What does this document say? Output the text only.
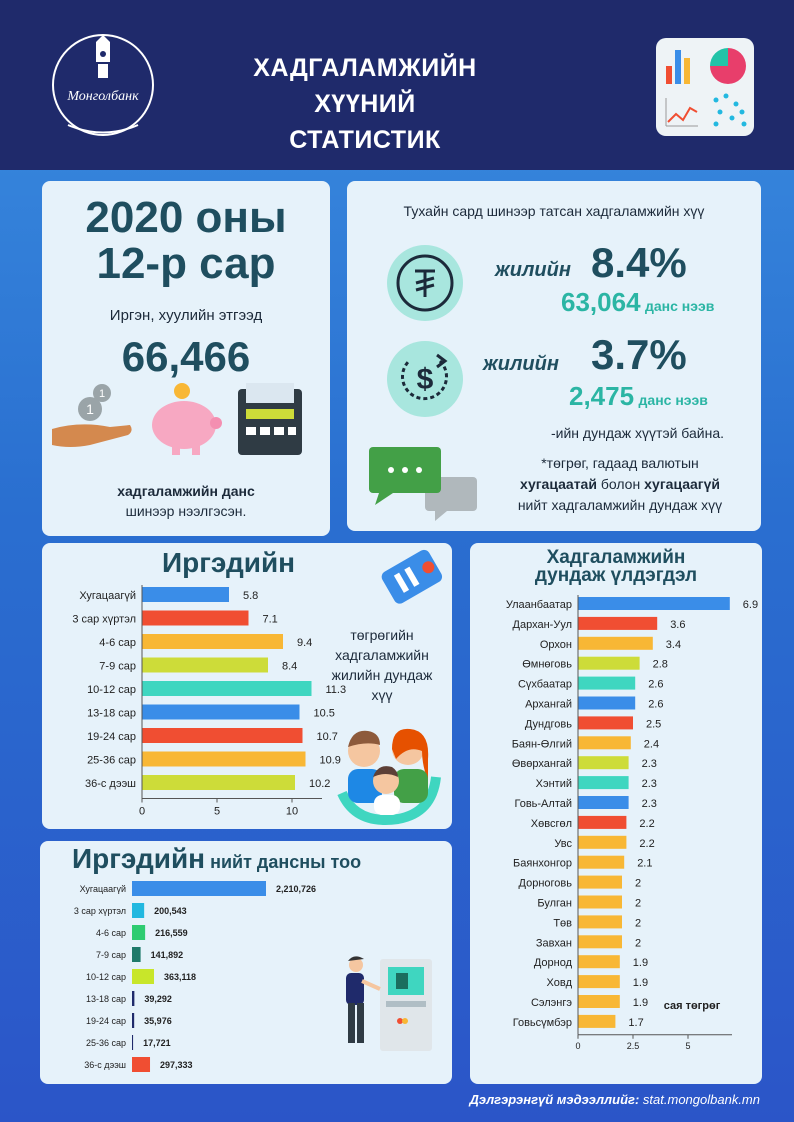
Монголбанк
ХАДГАЛАМЖИЙН ХҮҮНИЙ
СТАТИСТИК
2020 оны
12-р сар
Иргэн, хуулийн этгээд
66,466
1
1
хадгаламжийн данс
шинээр нээлгэсэн.
Тухайн сард шинээр татсан хадгаламжийн хүү
жилийн 8.4%
63,064 данс нээв
$ жилийн 3.7%
2,475 данс нээв
-ийн дундаж хүүтэй байна.
*төгрөг, гадаад валютын
хугацаатай болон хугацаагүй
нийт хадгаламжийн дундаж хүү
Иргэдийн
Хугацаагүй	5.8
3 сар хүртэл	7.1
4-6 сар	9.4
7-9 сар	8.4
10-12 сар	11.3
13-18 сар	10.5
19-24 сар	10.7
25-36 сар	10.9
36-с дээш	10.2
0	5	10
төгрөгийн хадгаламжийн жилийн дундаж хүү
Иргэдийн нийт дансны тоо
Хугацаагүй	2,210,726
3 сар хүртэл	200,543
4-6 сар	216,559
7-9 сар	141,892
10-12 сар	363,118
13-18 сар 39,292
19-24 сар 35,976
25-36 сар 17,721
36-с дээш	297,333
Хадгаламжийн
дундаж үлдэгдэл
Улаанбаатар	6.9
Дархан-Уул	3.6
Орхон	3.4
Өмнөговь	2.8
Сүхбаатар	2.6
Архангай	2.6
Дундговь	2.5
Баян-Өлгий	2.4
Өвөрхангай	2.3
Хэнтий	2.3
Говь-Алтай	2.3
Хөвсгөл	2.2
Увс	2.2
Баянхонгор	2.1
Дорноговь	2
Булган	2
Төв	2
Завхан	2
Дорнод	1.9
Ховд	1.9
Сэлэнгэ	1.9
Говьсүмбэр	1.7
0	2.5	5
сая төгрөг
Дэлгэрэнгүй мэдээллийг: stat.mongolbank.mn
